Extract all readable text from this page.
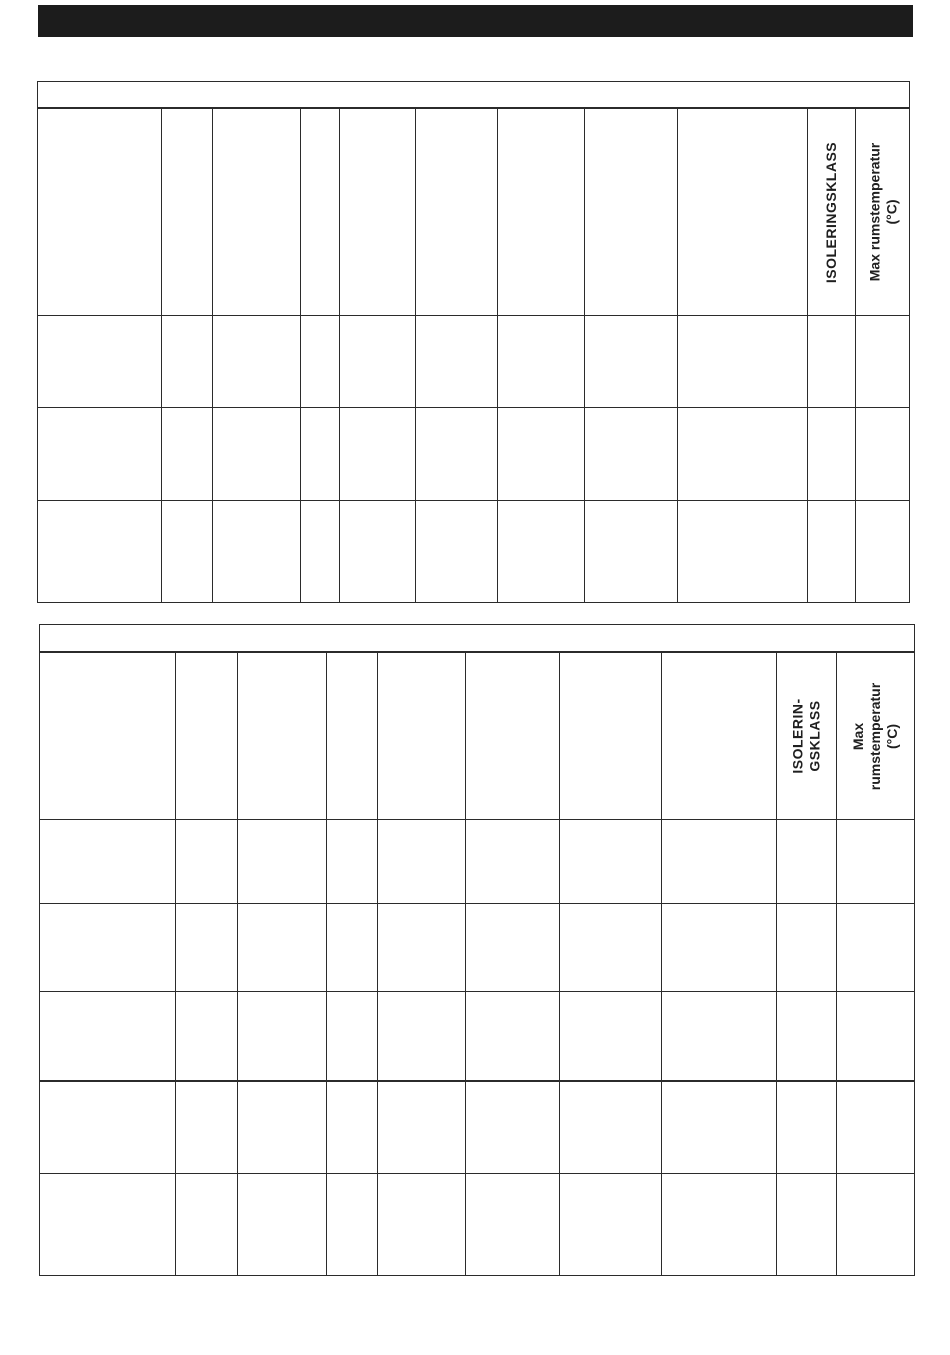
ISOLERINGSKLASS Max rumstemperatur (°C)
ISOLERIN- GSKLASS Max rumstemperatur (°C)
